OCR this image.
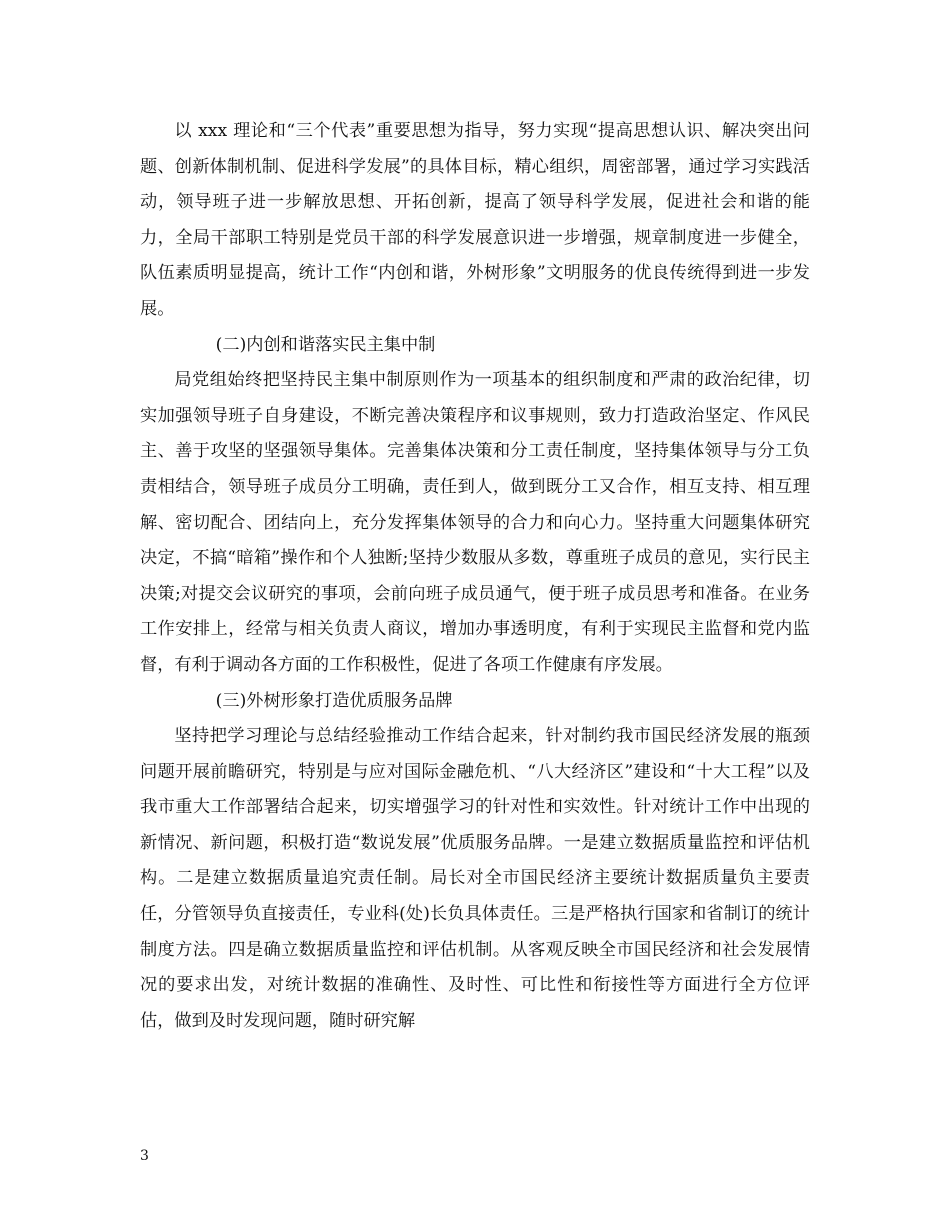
以 xxx 理论和“三个代表”重要思想为指导，努力实现“提高思想认识、解决突出问题、创新体制机制、促进科学发展”的具体目标，精心组织，周密部署，通过学习实践活动，领导班子进一步解放思想、开拓创新，提高了领导科学发展，促进社会和谐的能力，全局干部职工特别是党员干部的科学发展意识进一步增强，规章制度进一步健全，队伍素质明显提高，统计工作“内创和谐，外树形象”文明服务的优良传统得到进一步发展。

(二)内创和谐落实民主集中制

局党组始终把坚持民主集中制原则作为一项基本的组织制度和严肃的政治纪律，切实加强领导班子自身建设，不断完善决策程序和议事规则，致力打造政治坚定、作风民主、善于攻坚的坚强领导集体。完善集体决策和分工责任制度，坚持集体领导与分工负责相结合，领导班子成员分工明确，责任到人，做到既分工又合作，相互支持、相互理解、密切配合、团结向上，充分发挥集体领导的合力和向心力。坚持重大问题集体研究决定，不搞“暗箱”操作和个人独断;坚持少数服从多数，尊重班子成员的意见，实行民主决策;对提交会议研究的事项，会前向班子成员通气，便于班子成员思考和准备。在业务工作安排上，经常与相关负责人商议，增加办事透明度，有利于实现民主监督和党内监督，有利于调动各方面的工作积极性，促进了各项工作健康有序发展。

(三)外树形象打造优质服务品牌

坚持把学习理论与总结经验推动工作结合起来，针对制约我市国民经济发展的瓶颈问题开展前瞻研究，特别是与应对国际金融危机、“八大经济区”建设和“十大工程”以及我市重大工作部署结合起来，切实增强学习的针对性和实效性。针对统计工作中出现的新情况、新问题，积极打造“数说发展”优质服务品牌。一是建立数据质量监控和评估机构。二是建立数据质量追究责任制。局长对全市国民经济主要统计数据质量负主要责任，分管领导负直接责任，专业科(处)长负具体责任。三是严格执行国家和省制订的统计制度方法。四是确立数据质量监控和评估机制。从客观反映全市国民经济和社会发展情况的要求出发，对统计数据的准确性、及时性、可比性和衔接性等方面进行全方位评估，做到及时发现问题，随时研究解

3
